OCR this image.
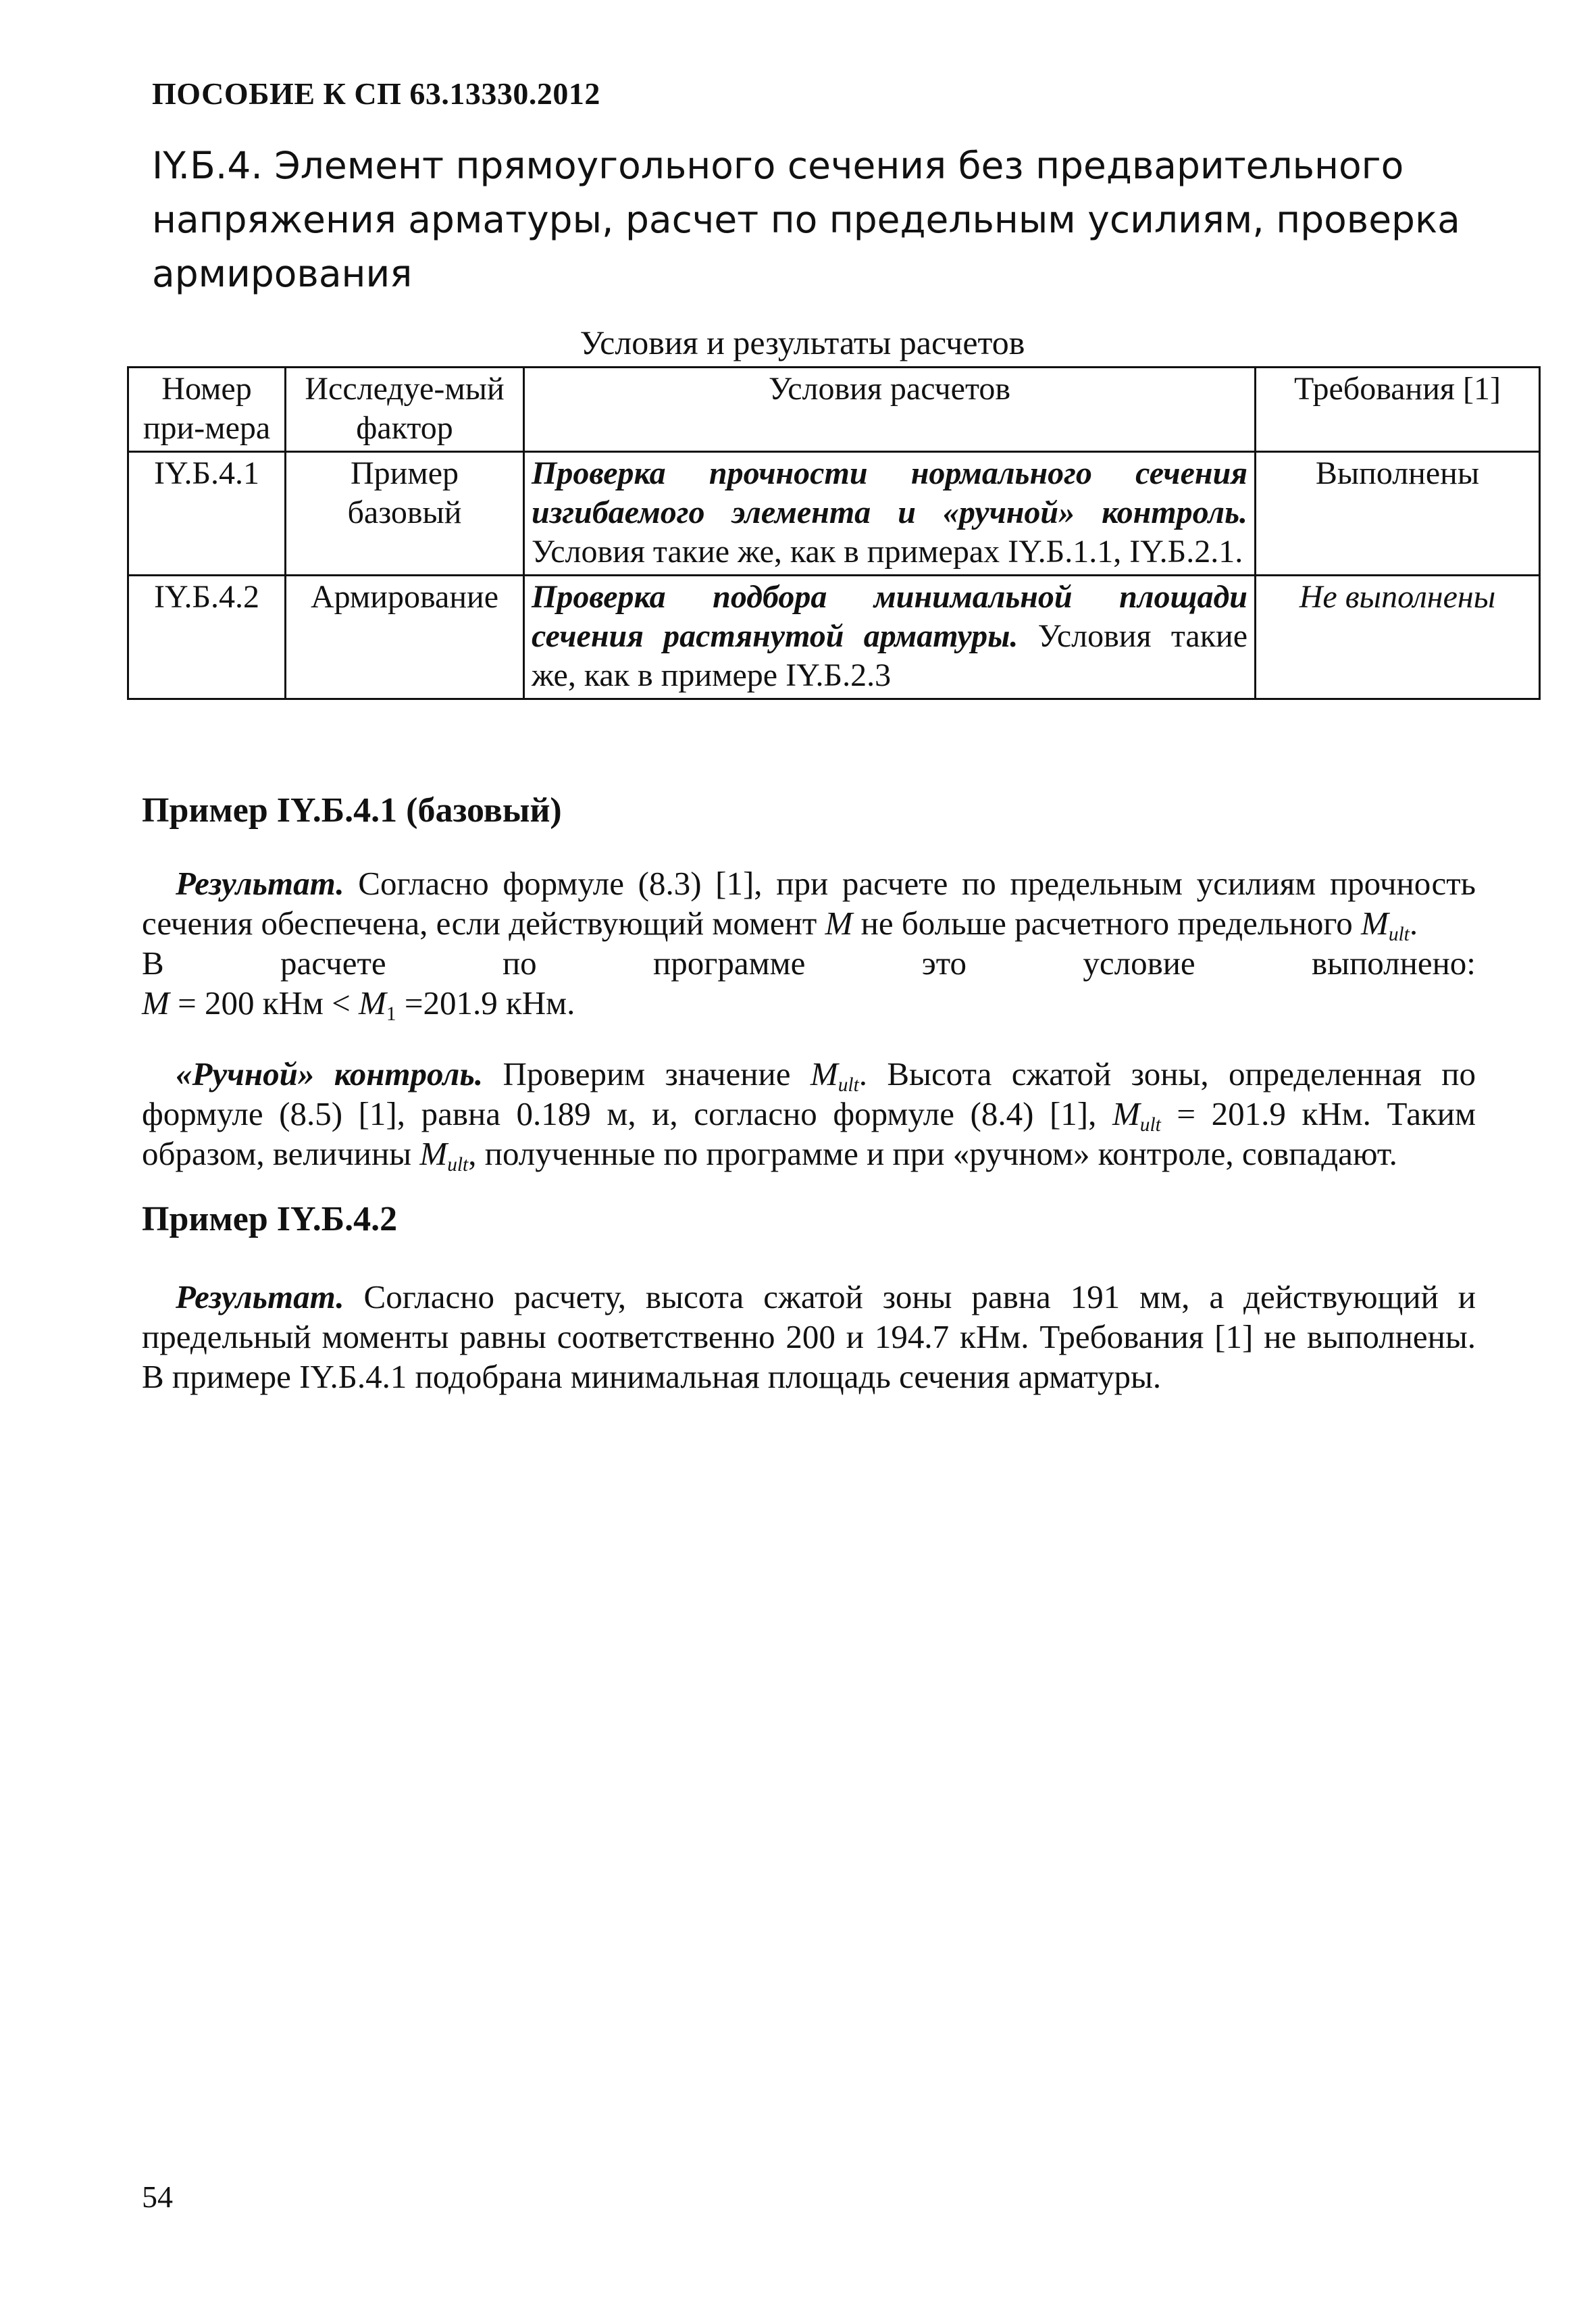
ПОСОБИЕ К СП 63.13330.2012
IY.Б.4. Элемент прямоугольного сечения без предварительного напряжения арматуры, расчет по предельным усилиям, проверка армирования
Условия и результаты расчетов
Номер при-мера	Исследуе-мый фактор	Условия расчетов	Требования [1]
IY.Б.4.1	Пример базовый	Проверка прочности нормального сечения изгибаемого элемента и «ручной» контроль. Условия такие же, как в примерах IY.Б.1.1, IY.Б.2.1.	Выполнены
IY.Б.4.2	Армирование	Проверка подбора минимальной площади сечения растянутой арматуры. Условия такие же, как в примере IY.Б.2.3	Не выполнены
Пример IY.Б.4.1 (базовый)
Результат. Согласно формуле (8.3) [1], при расчете по предельным усилиям прочность сечения обеспечена, если действующий момент M не больше расчетного предельного $M_{ult}$.
В	расчете	по	программе	это	условие	выполнено:
M = 200 кНм < $M_1 =201.9$ кНм.
«Ручной» контроль. Проверим значение $M_{ult}$. Высота сжатой зоны, определенная по формуле (8.5) [1], равна 0.189 м, и, согласно формуле (8.4) [1], $M_{ult} = 201.9$ кНм. Таким образом, величины $M_{ult}$, полученные по программе и при «ручном» контроле, совпадают.
Пример IY.Б.4.2
Результат. Согласно расчету, высота сжатой зоны равна 191 мм, а действующий и предельный моменты равны соответственно 200 и 194.7 кНм. Требования [1] не выполнены. В примере IY.Б.4.1 подобрана минимальная площадь сечения арматуры.
54
